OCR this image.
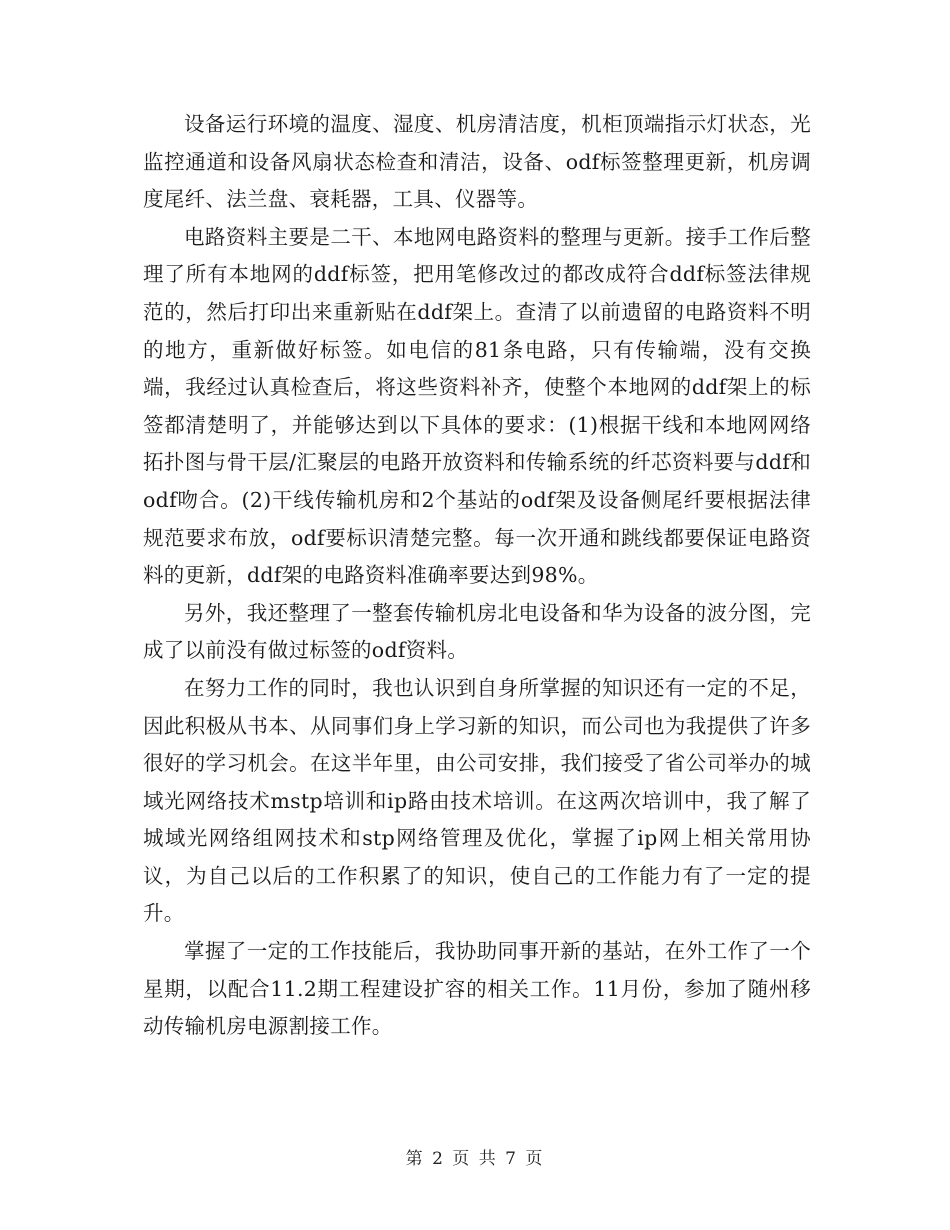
设备运行环境的温度、湿度、机房清洁度，机柜顶端指示灯状态，光监控通道和设备风扇状态检查和清洁，设备、odf标签整理更新，机房调度尾纤、法兰盘、衰耗器，工具、仪器等。

电路资料主要是二干、本地网电路资料的整理与更新。接手工作后整理了所有本地网的ddf标签，把用笔修改过的都改成符合ddf标签法律规范的，然后打印出来重新贴在ddf架上。查清了以前遗留的电路资料不明的地方，重新做好标签。如电信的81条电路，只有传输端，没有交换端，我经过认真检查后，将这些资料补齐，使整个本地网的ddf架上的标签都清楚明了，并能够达到以下具体的要求：(1)根据干线和本地网网络拓扑图与骨干层/汇聚层的电路开放资料和传输系统的纤芯资料要与ddf和odf吻合。(2)干线传输机房和2个基站的odf架及设备侧尾纤要根据法律规范要求布放，odf要标识清楚完整。每一次开通和跳线都要保证电路资料的更新，ddf架的电路资料准确率要达到98%。

另外，我还整理了一整套传输机房北电设备和华为设备的波分图，完成了以前没有做过标签的odf资料。

在努力工作的同时，我也认识到自身所掌握的知识还有一定的不足，因此积极从书本、从同事们身上学习新的知识，而公司也为我提供了许多很好的学习机会。在这半年里，由公司安排，我们接受了省公司举办的城域光网络技术mstp培训和ip路由技术培训。在这两次培训中，我了解了城域光网络组网技术和stp网络管理及优化，掌握了ip网上相关常用协议，为自己以后的工作积累了的知识，使自己的工作能力有了一定的提升。

掌握了一定的工作技能后，我协助同事开新的基站，在外工作了一个星期，以配合11.2期工程建设扩容的相关工作。11月份，参加了随州移动传输机房电源割接工作。

第 2 页 共 7 页
